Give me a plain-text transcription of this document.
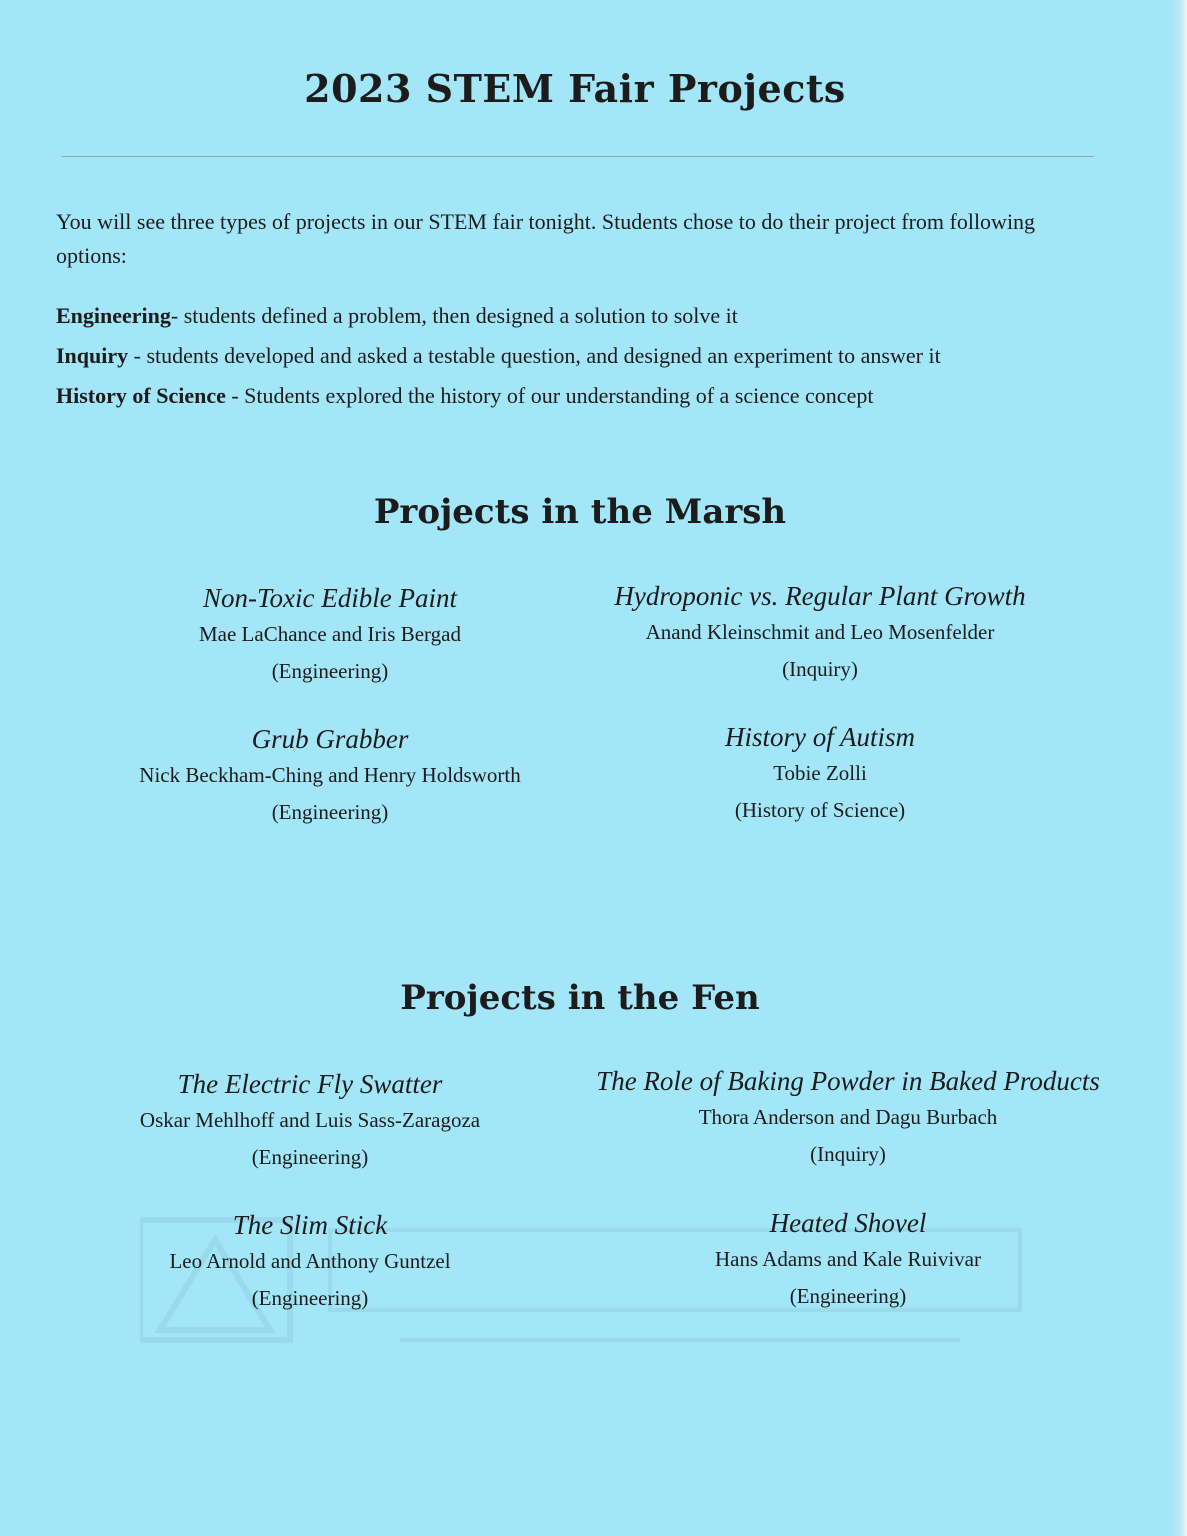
2023 STEM Fair Projects
You will see three types of projects in our STEM fair tonight. Students chose to do their project from following options:
Engineering- students defined a problem, then designed a solution to solve it
Inquiry - students developed and asked a testable question, and designed an experiment to answer it
History of Science - Students explored the history of our understanding of a science concept
Projects in the Marsh
Non-Toxic Edible Paint
Mae LaChance and Iris Bergad
(Engineering)
Hydroponic vs. Regular Plant Growth
Anand Kleinschmit and Leo Mosenfelder
(Inquiry)
Grub Grabber
Nick Beckham-Ching and Henry Holdsworth
(Engineering)
History of Autism
Tobie Zolli
(History of Science)
Projects in the Fen
The Electric Fly Swatter
Oskar Mehlhoff and Luis Sass-Zaragoza
(Engineering)
The Role of Baking Powder in Baked Products
Thora Anderson and Dagu Burbach
(Inquiry)
The Slim Stick
Leo Arnold and Anthony Guntzel
(Engineering)
Heated Shovel
Hans Adams and Kale Ruivivar
(Engineering)
